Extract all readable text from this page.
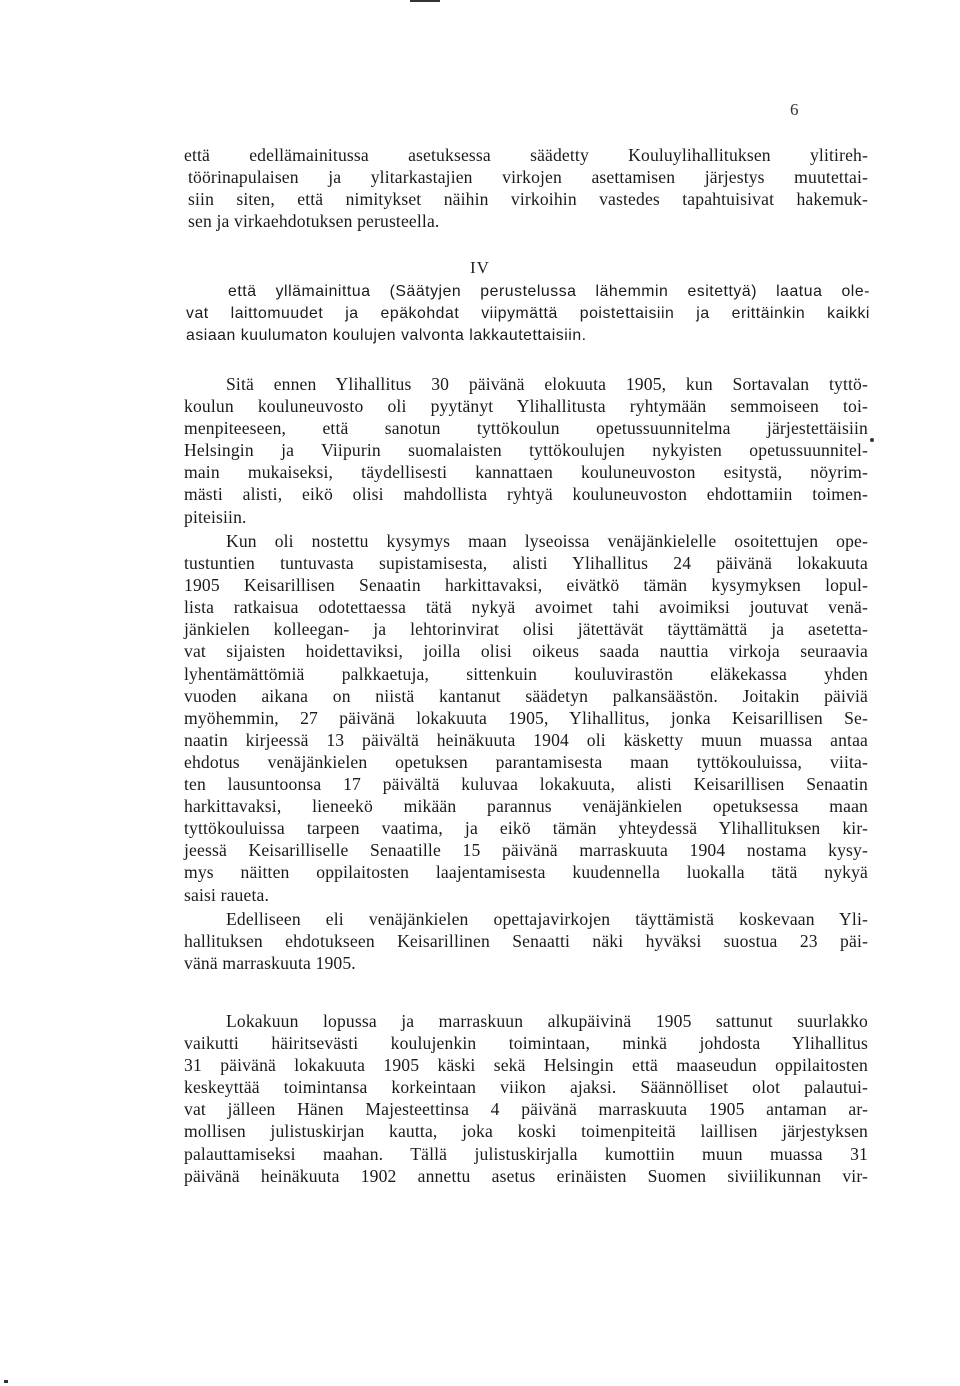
6
että edellämainitussa asetuksessa säädetty Kouluylihallituksen ylitireh-
töörinapulaisen ja ylitarkastajien virkojen asettamisen järjestys muutettai-
siin siten, että nimitykset näihin virkoihin vastedes tapahtuisivat hakemuk-
sen ja virkaehdotuksen perusteella.
IV
että yllämainittua (Säätyjen perustelussa lähemmin esitettyä) laatua ole-
vat laittomuudet ja epäkohdat viipymättä poistettaisiin ja erittäinkin kaikki
asiaan kuulumaton koulujen valvonta lakkautettaisiin.
Sitä ennen Ylihallitus 30 päivänä elokuuta 1905, kun Sortavalan tyttö-
koulun kouluneuvosto oli pyytänyt Ylihallitusta ryhtymään semmoiseen toi-
menpiteeseen, että sanotun tyttökoulun opetussuunnitelma järjestettäisiin
Helsingin ja Viipurin suomalaisten tyttökoulujen nykyisten opetussuunnitel-
main mukaiseksi, täydellisesti kannattaen kouluneuvoston esitystä, nöyrim-
mästi alisti, eikö olisi mahdollista ryhtyä kouluneuvoston ehdottamiin toimen-
piteisiin.
Kun oli nostettu kysymys maan lyseoissa venäjänkielelle osoitettujen ope-
tustuntien tuntuvasta supistamisesta, alisti Ylihallitus 24 päivänä lokakuuta
1905 Keisarillisen Senaatin harkittavaksi, eivätkö tämän kysymyksen lopul-
lista ratkaisua odotettaessa tätä nykyä avoimet tahi avoimiksi joutuvat venä-
jänkielen kolleegan- ja lehtorinvirat olisi jätettävät täyttämättä ja asetetta-
vat sijaisten hoidettaviksi, joilla olisi oikeus saada nauttia virkoja seuraavia
lyhentämättömiä palkkaetuja, sittenkuin kouluvirastön eläkekassa yhden
vuoden aikana on niistä kantanut säädetyn palkansäästön. Joitakin päiviä
myöhemmin, 27 päivänä lokakuuta 1905, Ylihallitus, jonka Keisarillisen Se-
naatin kirjeessä 13 päivältä heinäkuuta 1904 oli käsketty muun muassa antaa
ehdotus venäjänkielen opetuksen parantamisesta maan tyttökouluissa, viita-
ten lausuntoonsa 17 päivältä kuluvaa lokakuuta, alisti Keisarillisen Senaatin
harkittavaksi, lieneekö mikään parannus venäjänkielen opetuksessa maan
tyttökouluissa tarpeen vaatima, ja eikö tämän yhteydessä Ylihallituksen kir-
jeessä Keisarilliselle Senaatille 15 päivänä marraskuuta 1904 nostama kysy-
mys näitten oppilaitosten laajentamisesta kuudennella luokalla tätä nykyä
saisi raueta.
Edelliseen eli venäjänkielen opettajavirkojen täyttämistä koskevaan Yli-
hallituksen ehdotukseen Keisarillinen Senaatti näki hyväksi suostua 23 päi-
vänä marraskuuta 1905.
Lokakuun lopussa ja marraskuun alkupäivinä 1905 sattunut suurlakko
vaikutti häiritsevästi koulujenkin toimintaan, minkä johdosta Ylihallitus
31 päivänä lokakuuta 1905 käski sekä Helsingin että maaseudun oppilaitosten
keskeyttää toimintansa korkeintaan viikon ajaksi. Säännölliset olot palautui-
vat jälleen Hänen Majesteettinsa 4 päivänä marraskuuta 1905 antaman ar-
mollisen julistuskirjan kautta, joka koski toimenpiteitä laillisen järjestyksen
palauttamiseksi maahan. Tällä julistuskirjalla kumottiin muun muassa 31
päivänä heinäkuuta 1902 annettu asetus erinäisten Suomen siviilikunnan vir-
